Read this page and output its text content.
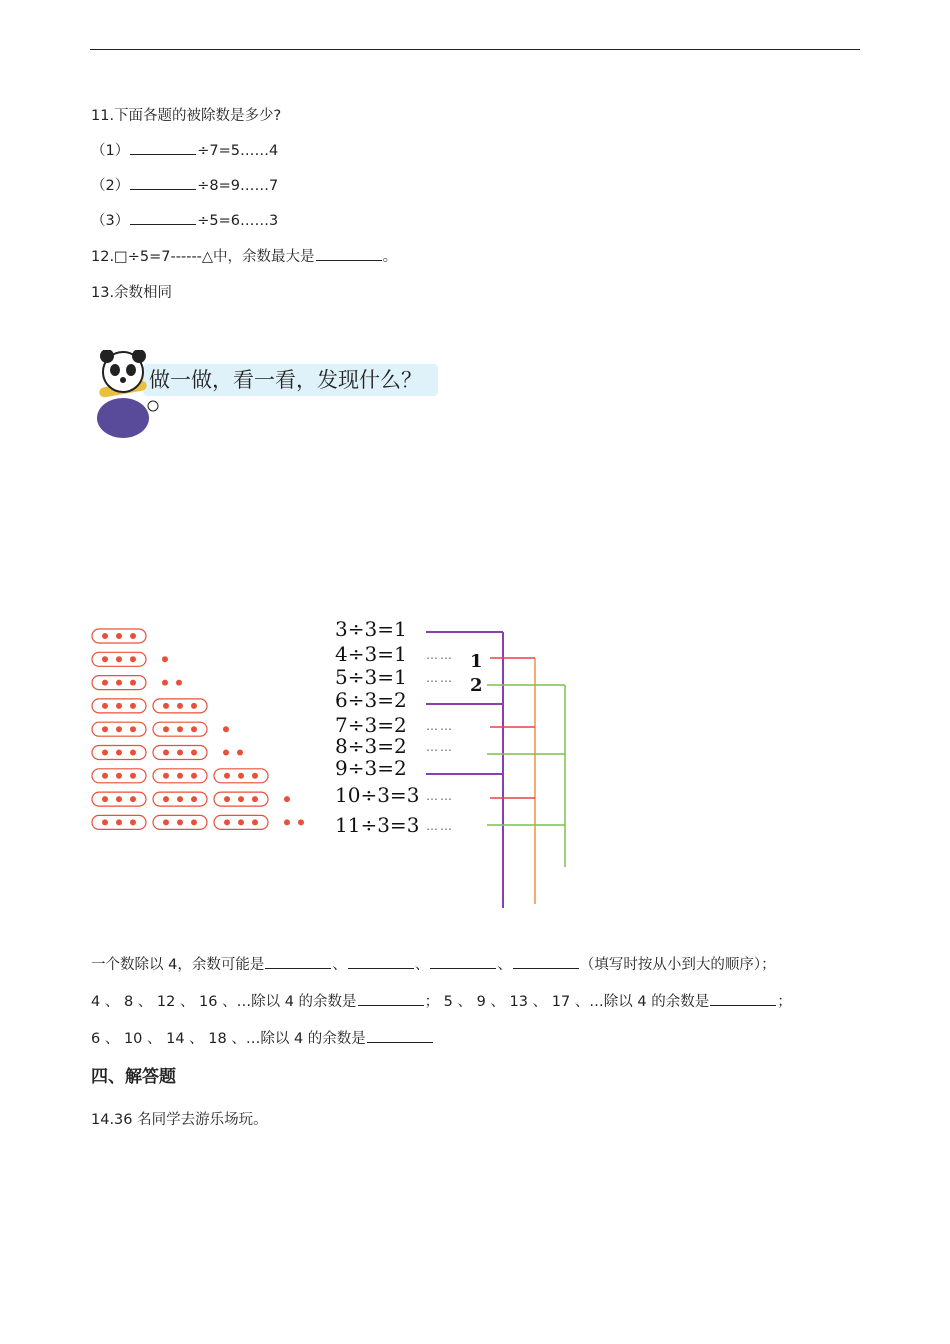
11.下面各题的被除数是多少?
（1）	÷7=5……4
（2）	÷8=9……7
（3）	÷5=6……3
12.□÷5=7------△中，余数最大是	。
13.余数相同
做一做，看一看，发现什么？
3÷3=1
4÷3=1
5÷3=1
6÷3=2
7÷3=2
8÷3=2
9÷3=2
10÷3=3
11÷3=3
……
……
……
……
……
……
1
2
一个数除以 4，余数可能是	、	、	、	（填写时按从小到大的顺序）；
4 、 8 、 12 、 16 、…除以 4 的余数是	； 5 、 9 、 13 、 17 、…除以 4 的余数是	；
6 、 10 、 14 、 18 、…除以 4 的余数是
四、解答题
14.36 名同学去游乐场玩。
